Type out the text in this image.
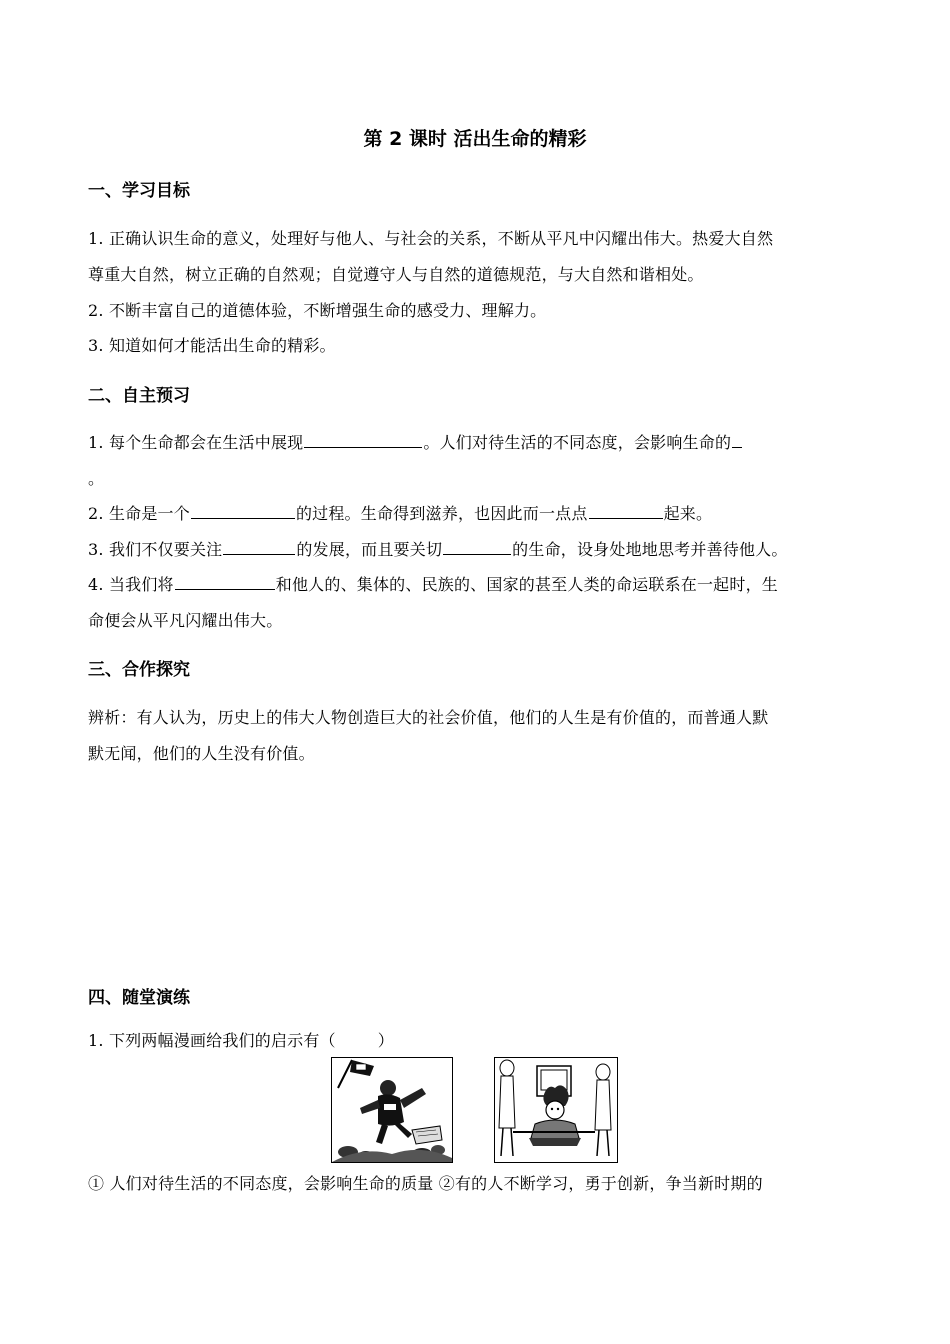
第 2 课时 活出生命的精彩
一、学习目标
1. 正确认识生命的意义，处理好与他人、与社会的关系，不断从平凡中闪耀出伟大。热爱大自然
尊重大自然，树立正确的自然观；自觉遵守人与自然的道德规范，与大自然和谐相处。
2. 不断丰富自己的道德体验，不断增强生命的感受力、理解力。
3. 知道如何才能活出生命的精彩。
二、自主预习
1. 每个生命都会在生活中展现	。人们对待生活的不同态度，会影响生命的
。
2. 生命是一个	的过程。生命得到滋养，也因此而一点点	起来。
3. 我们不仅要关注	的发展，而且要关切	的生命，设身处地地思考并善待他人。
4. 当我们将	和他人的、集体的、民族的、国家的甚至人类的命运联系在一起时，生
命便会从平凡闪耀出伟大。
三、合作探究
辨析：有人认为，历史上的伟大人物创造巨大的社会价值，他们的人生是有价值的，而普通人默
默无闻，他们的人生没有价值。
四、随堂演练
1. 下列两幅漫画给我们的启示有（	）
① 人们对待生活的不同态度，会影响生命的质量 ②有的人不断学习，勇于创新，争当新时期的
